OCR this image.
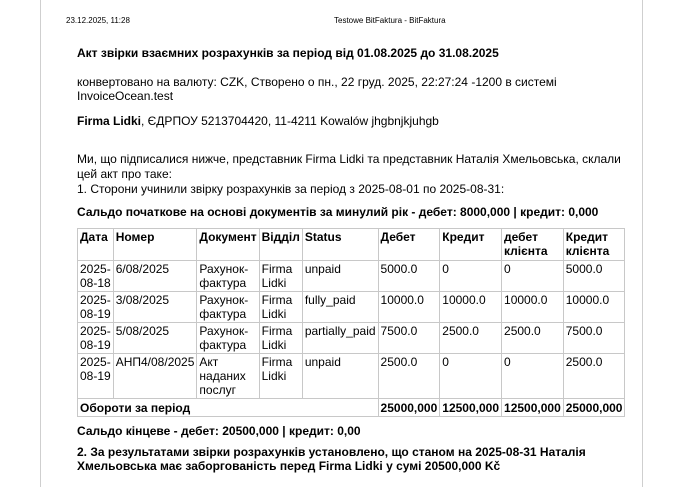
23.12.2025, 11:28	Testowe BitFaktura - BitFaktura

Акт звірки взаємних розрахунків за період від 01.08.2025 до 31.08.2025

конвертовано на валюту: CZK, Створено о пн., 22 груд. 2025, 22:27:24 -1200 в системі InvoiceOcean.test

Firma Lidki, ЄДРПОУ 5213704420, 11-4211 Kowalów jhgbnjkjuhgb

Ми, що підписалися нижче, представник Firma Lidki та представник Наталія Хмельовська, склали цей акт про таке:

1. Сторони учинили звірку розрахунків за період з 2025-08-01 по 2025-08-31:

Сальдо початкове на основі документів за минулий рік - дебет: 8000,000 | кредит: 0,000

Дата	Номер	Документ	Відділ	Status	Дебет	Кредит	дебет клієнта	Кредит клієнта
2025-08-18	6/08/2025	Рахунок-фактура	Firma Lidki	unpaid	5000.0	0	0	5000.0
2025-08-19	3/08/2025	Рахунок-фактура	Firma Lidki	fully_paid	10000.0	10000.0	10000.0	10000.0
2025-08-19	5/08/2025	Рахунок-фактура	Firma Lidki	partially_paid	7500.0	2500.0	2500.0	7500.0
2025-08-19	АНП4/08/2025	Акт наданих послуг	Firma Lidki	unpaid	2500.0	0	0	2500.0
Обороти за період					25000,000	12500,000	12500,000	25000,000

Сальдо кінцеве - дебет: 20500,000 | кредит: 0,00

2. За результатами звірки розрахунків установлено, що станом на 2025-08-31 Наталія Хмельовська має заборгованість перед Firma Lidki у сумі 20500,000 Kč
